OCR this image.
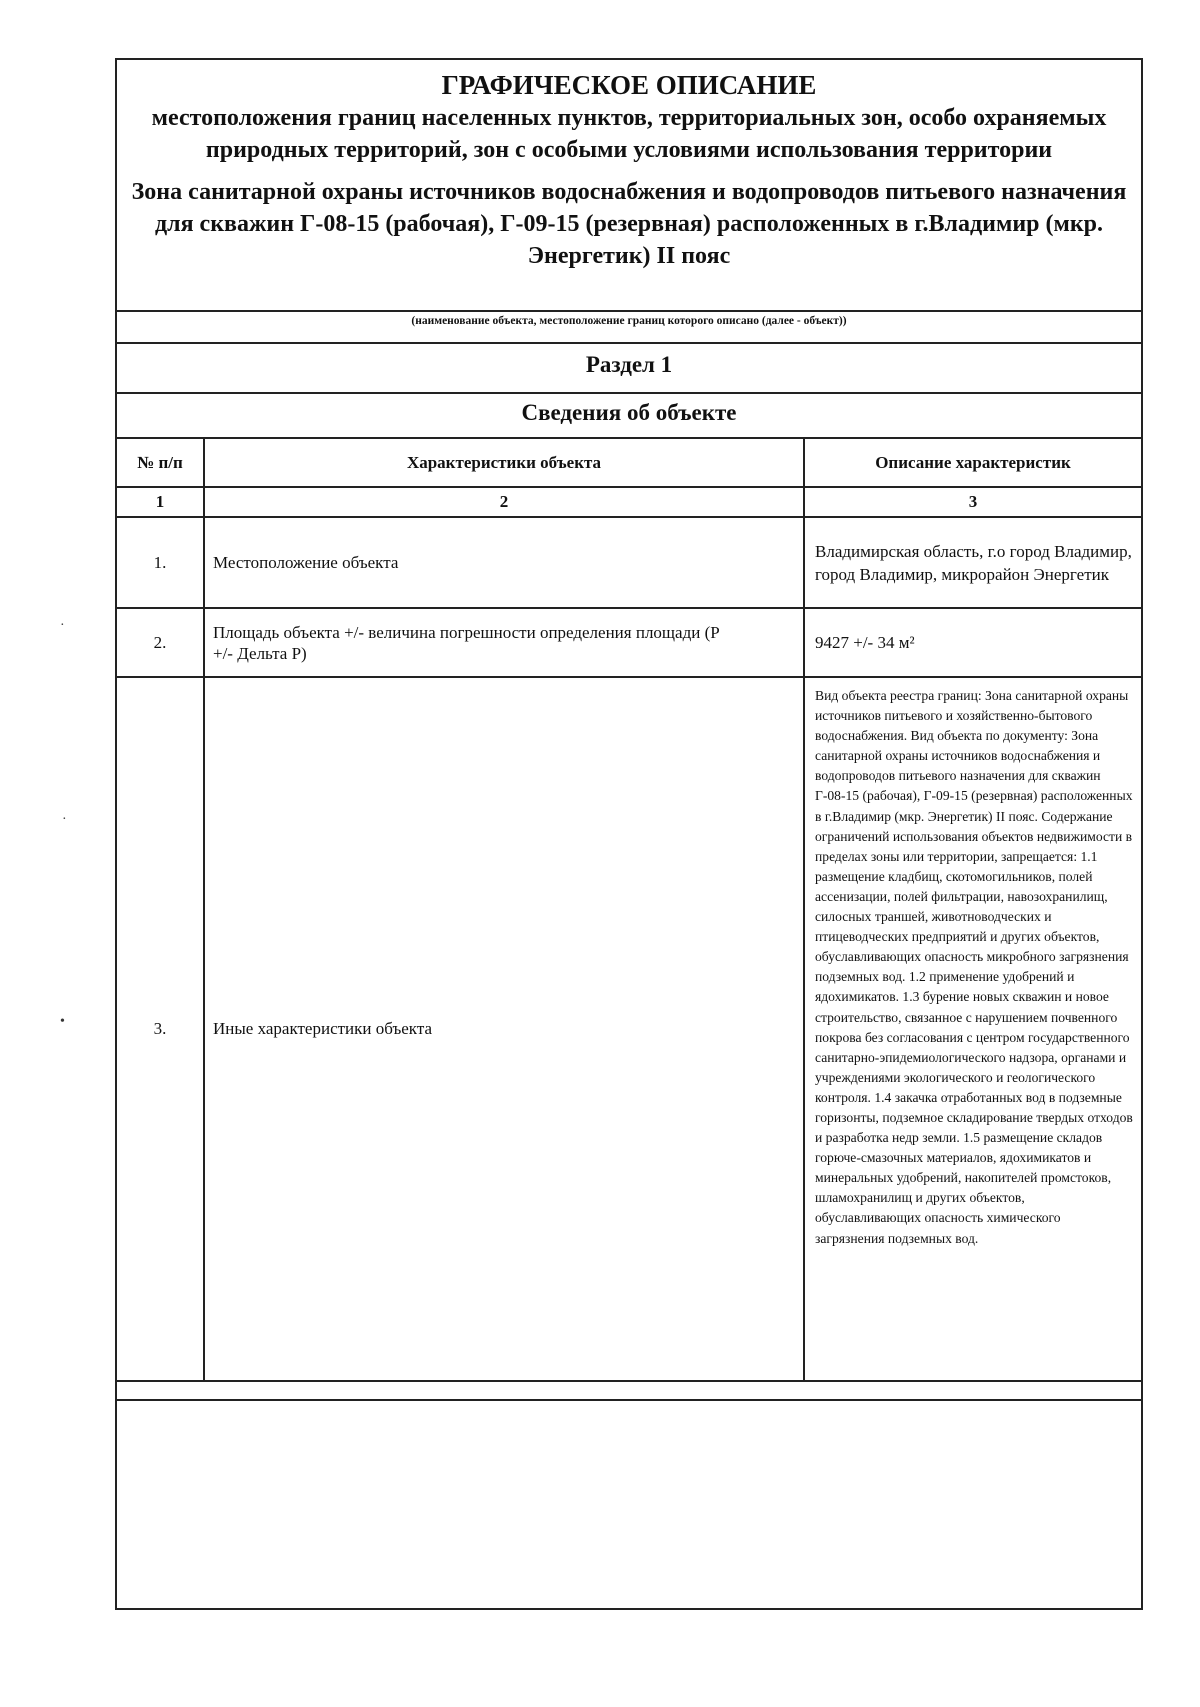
ГРАФИЧЕСКОЕ ОПИСАНИЕ
местоположения границ населенных пунктов, территориальных зон, особо охраняемых природных территорий, зон с особыми условиями использования территории
Зона санитарной охраны источников водоснабжения и водопроводов питьевого назначения для скважин Г-08-15 (рабочая), Г-09-15 (резервная) расположенных в г.Владимир (мкр. Энергетик) II пояс
(наименование объекта, местоположение границ которого описано (далее - объект))
Раздел 1
Сведения об объекте
№ п/п	Характеристики объекта	Описание характеристик
1	2	3
1.	Местоположение объекта	Владимирская область, г.о город Владимир, город Владимир, микрорайон Энергетик
2.	Площадь объекта +/- величина погрешности определения площади (Р +/- Дельта Р)	9427 +/- 34 м²
3.	Иные характеристики объекта	Вид объекта реестра границ: Зона санитарной охраны источников питьевого и хозяйственно-бытового водоснабжения. Вид объекта по документу: Зона санитарной охраны источников водоснабжения и водопроводов питьевого назначения для скважин Г-08-15 (рабочая), Г-09-15 (резервная) расположенных в г.Владимир (мкр. Энергетик) II пояс. Содержание ограничений использования объектов недвижимости в пределах зоны или территории, запрещается: 1.1 размещение кладбищ, скотомогильников, полей ассенизации, полей фильтрации, навозохранилищ, силосных траншей, животноводческих и птицеводческих предприятий и других объектов, обуславливающих опасность микробного загрязнения подземных вод. 1.2 применение удобрений и ядохимикатов. 1.3 бурение новых скважин и новое строительство, связанное с нарушением почвенного покрова без согласования с центром государственного санитарно-эпидемиологического надзора, органами и учреждениями экологического и геологического контроля. 1.4 закачка отработанных вод в подземные горизонты, подземное складирование твердых отходов и разработка недр земли. 1.5 размещение складов горюче-смазочных материалов, ядохимикатов и минеральных удобрений, накопителей промстоков, шламохранилищ и других объектов, обуславливающих опасность химического загрязнения подземных вод.
·
·
•
